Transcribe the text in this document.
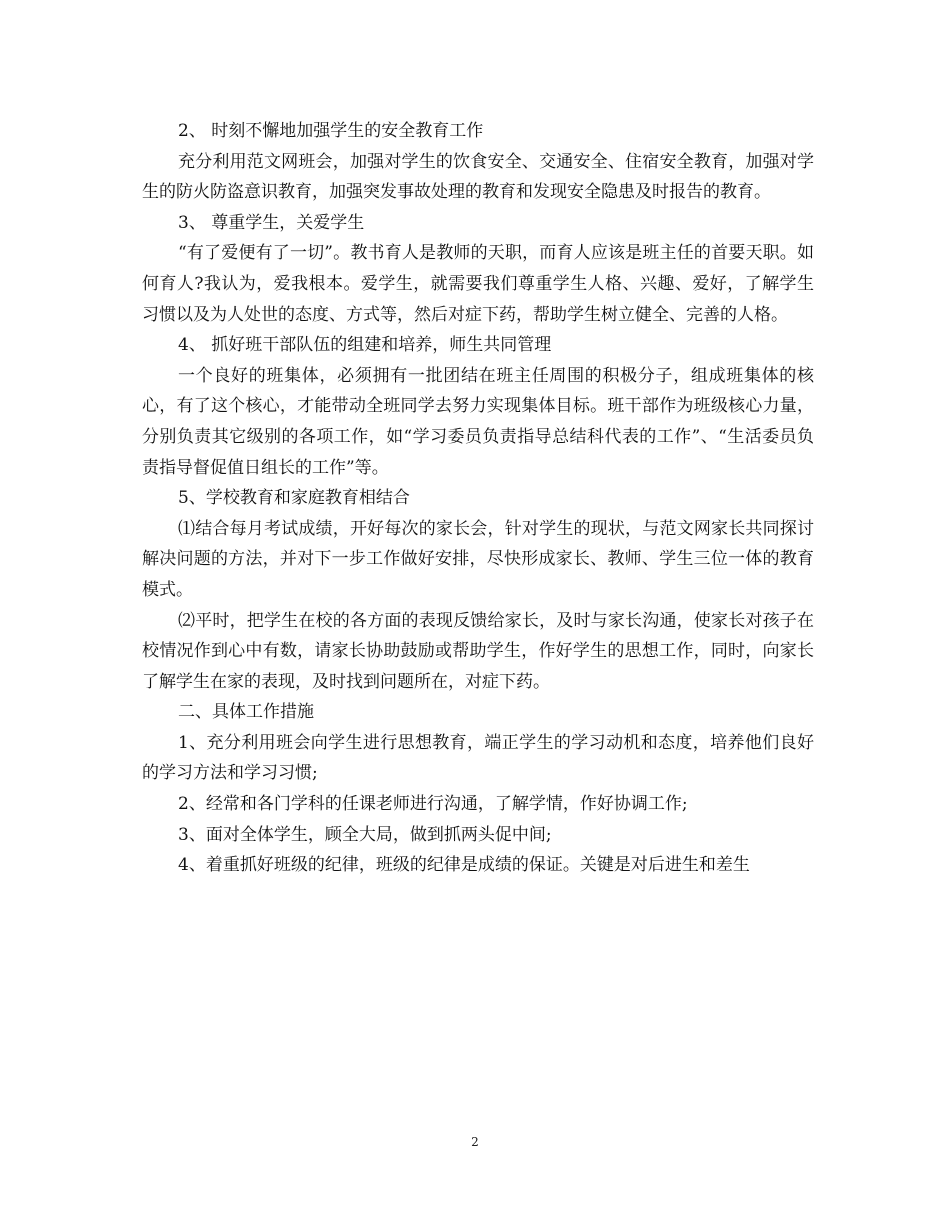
2、 时刻不懈地加强学生的安全教育工作

充分利用范文网班会，加强对学生的饮食安全、交通安全、住宿安全教育，加强对学生的防火防盗意识教育，加强突发事故处理的教育和发现安全隐患及时报告的教育。

3、 尊重学生，关爱学生

“有了爱便有了一切”。教书育人是教师的天职，而育人应该是班主任的首要天职。如何育人?我认为，爱我根本。爱学生，就需要我们尊重学生人格、兴趣、爱好，了解学生习惯以及为人处世的态度、方式等，然后对症下药，帮助学生树立健全、完善的人格。

4、 抓好班干部队伍的组建和培养，师生共同管理

一个良好的班集体，必须拥有一批团结在班主任周围的积极分子，组成班集体的核心，有了这个核心，才能带动全班同学去努力实现集体目标。班干部作为班级核心力量，分别负责其它级别的各项工作，如“学习委员负责指导总结科代表的工作”、“生活委员负责指导督促值日组长的工作”等。

5、学校教育和家庭教育相结合

⑴结合每月考试成绩，开好每次的家长会，针对学生的现状，与范文网家长共同探讨解决问题的方法，并对下一步工作做好安排，尽快形成家长、教师、学生三位一体的教育模式。

⑵平时，把学生在校的各方面的表现反馈给家长，及时与家长沟通，使家长对孩子在校情况作到心中有数，请家长协助鼓励或帮助学生，作好学生的思想工作，同时，向家长了解学生在家的表现，及时找到问题所在，对症下药。

二、具体工作措施

1、充分利用班会向学生进行思想教育，端正学生的学习动机和态度，培养他们良好的学习方法和学习习惯;

2、经常和各门学科的任课老师进行沟通，了解学情，作好协调工作;

3、面对全体学生，顾全大局，做到抓两头促中间;

4、着重抓好班级的纪律，班级的纪律是成绩的保证。关键是对后进生和差生

2
